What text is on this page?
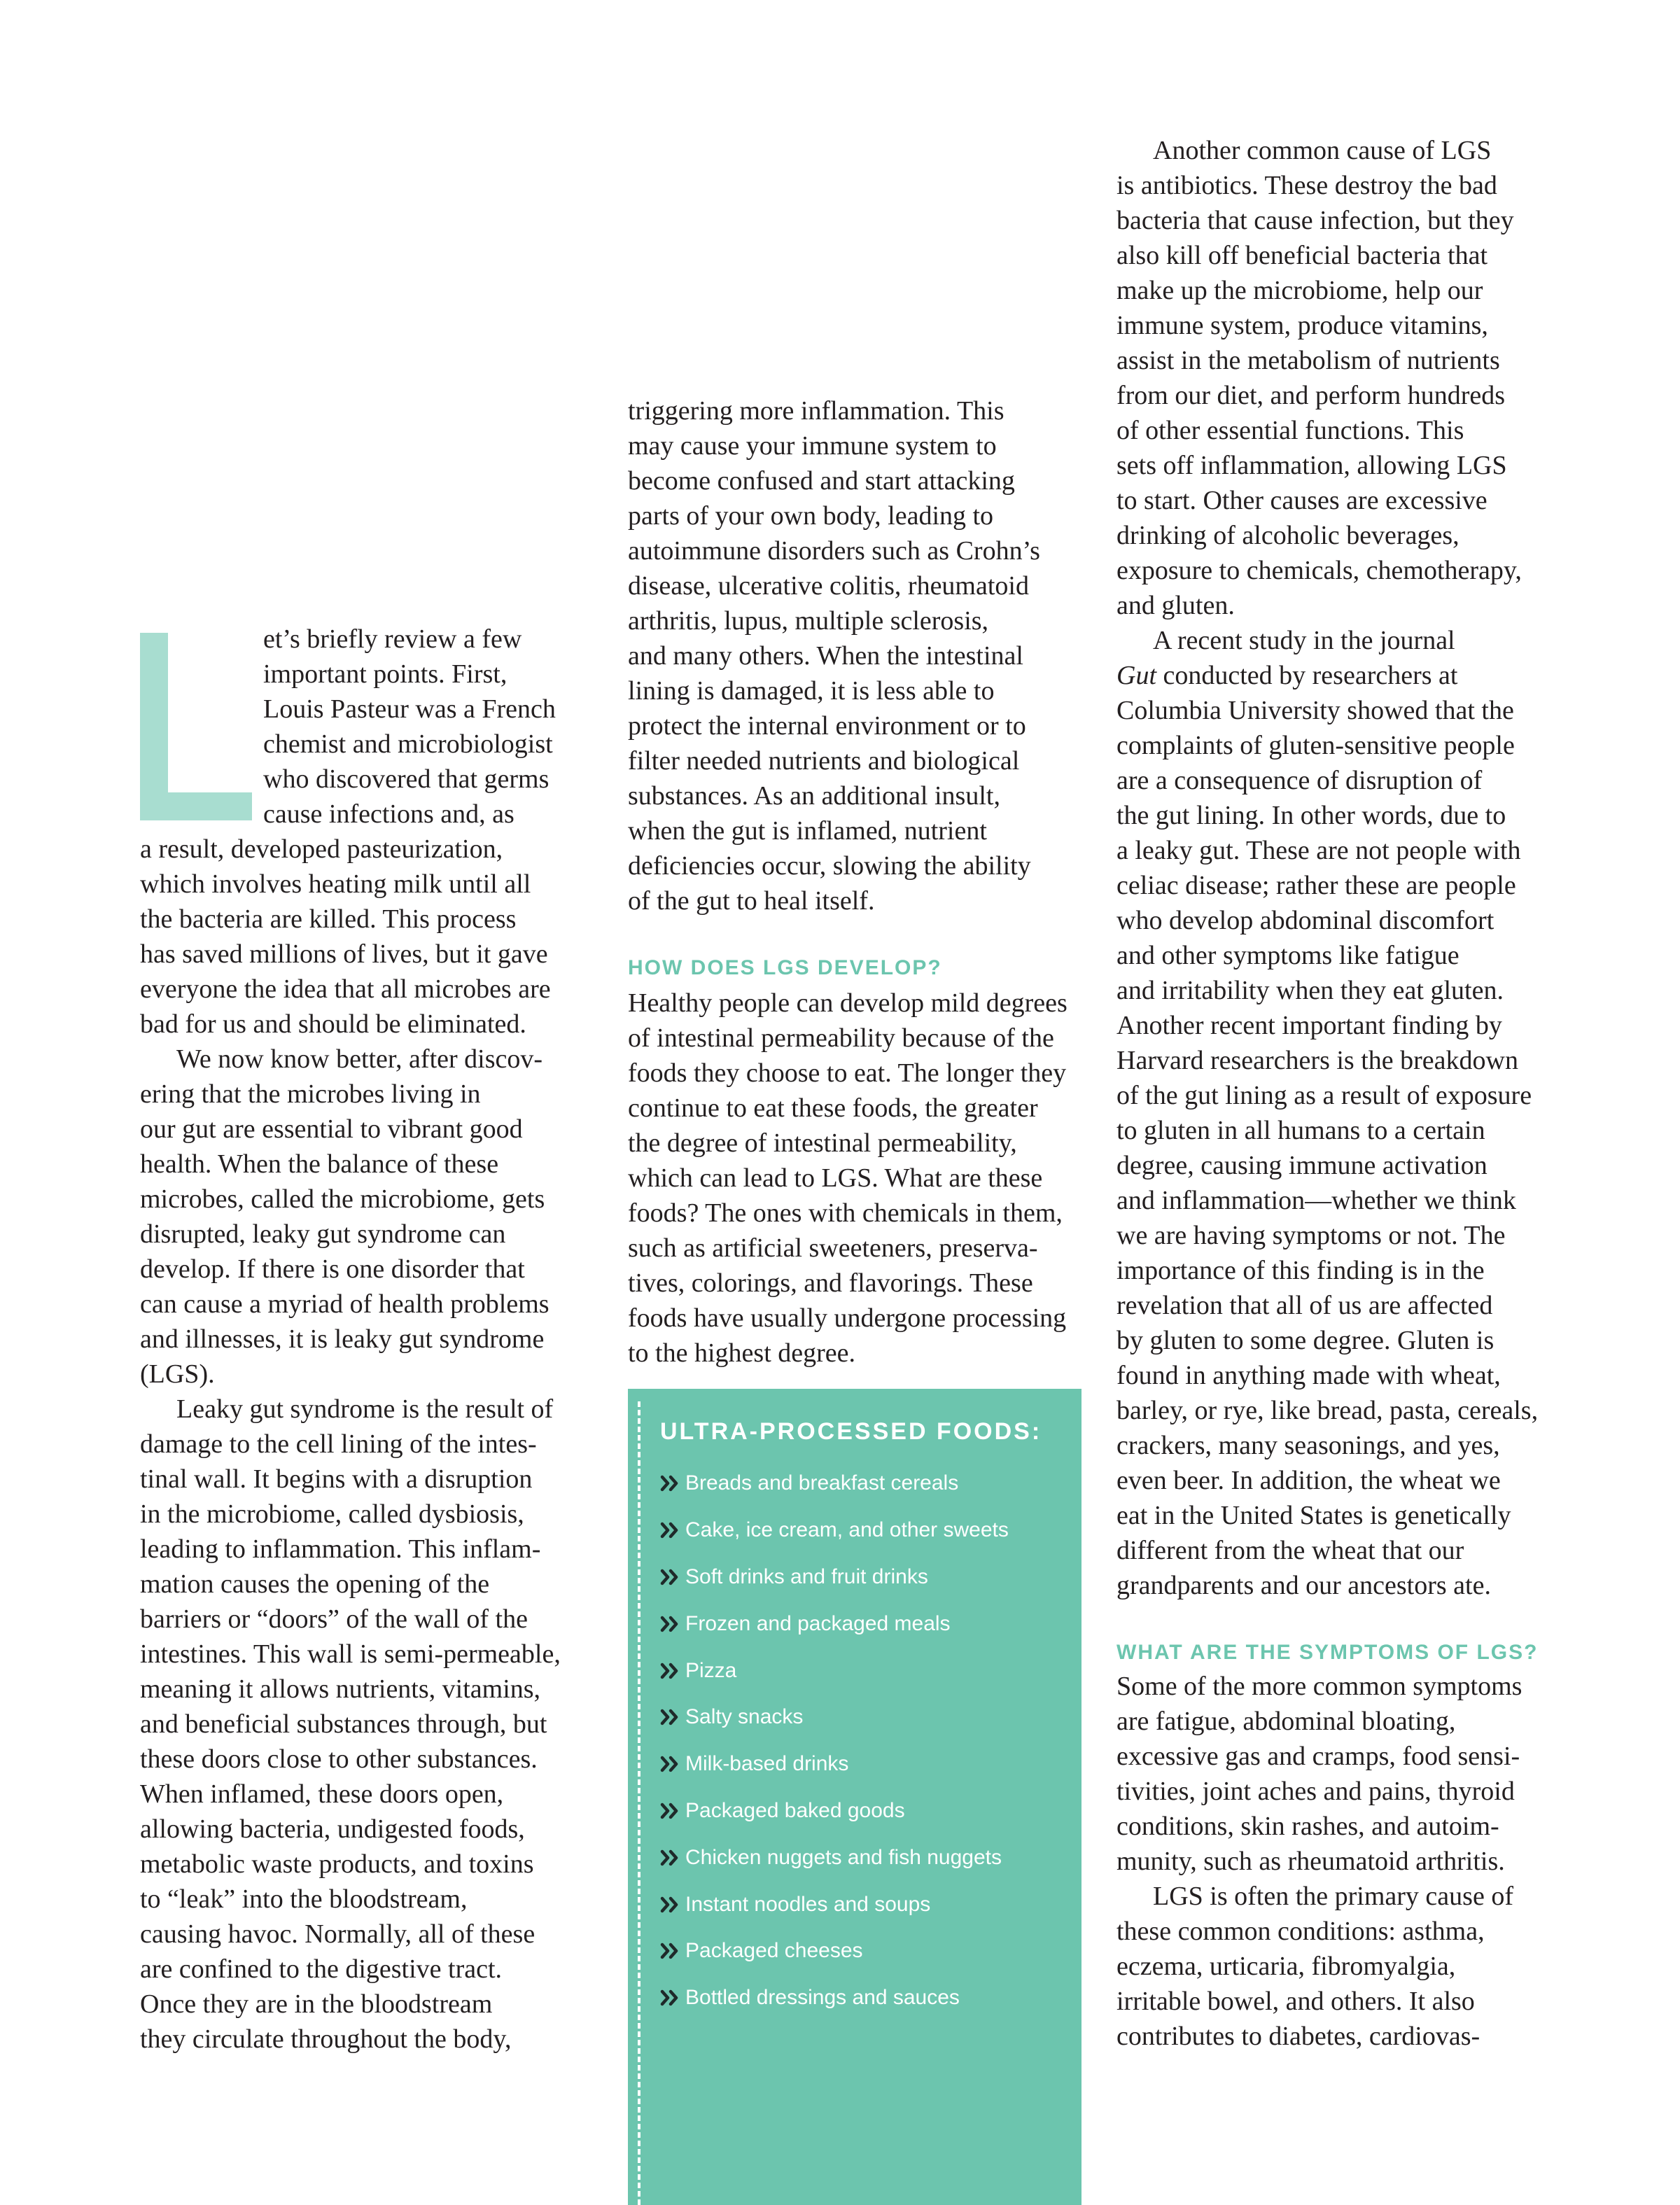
et’s briefly review a few
important points. First,
Louis Pasteur was a French
chemist and microbiologist
who discovered that germs
cause infections and, as
a result, developed pasteurization,
which involves heating milk until all
the bacteria are killed. This process
has saved millions of lives, but it gave
everyone the idea that all microbes are
bad for us and should be eliminated.
We now know better, after discov-
ering that the microbes living in
our gut are essential to vibrant good
health. When the balance of these
microbes, called the microbiome, gets
disrupted, leaky gut syndrome can
develop. If there is one disorder that
can cause a myriad of health problems
and illnesses, it is leaky gut syndrome
(LGS).
Leaky gut syndrome is the result of
damage to the cell lining of the intes-
tinal wall. It begins with a disruption
in the microbiome, called dysbiosis,
leading to inflammation. This inflam-
mation causes the opening of the
barriers or “doors” of the wall of the
intestines. This wall is semi-permeable,
meaning it allows nutrients, vitamins,
and beneficial substances through, but
these doors close to other substances.
When inflamed, these doors open,
allowing bacteria, undigested foods,
metabolic waste products, and toxins
to “leak” into the bloodstream,
causing havoc. Normally, all of these
are confined to the digestive tract.
Once they are in the bloodstream
they circulate throughout the body,
triggering more inflammation. This
may cause your immune system to
become confused and start attacking
parts of your own body, leading to
autoimmune disorders such as Crohn’s
disease, ulcerative colitis, rheumatoid
arthritis, lupus, multiple sclerosis,
and many others. When the intestinal
lining is damaged, it is less able to
protect the internal environment or to
filter needed nutrients and biological
substances. As an additional insult,
when the gut is inflamed, nutrient
deficiencies occur, slowing the ability
of the gut to heal itself.
HOW DOES LGS DEVELOP?
Healthy people can develop mild degrees
of intestinal permeability because of the
foods they choose to eat. The longer they
continue to eat these foods, the greater
the degree of intestinal permeability,
which can lead to LGS. What are these
foods? The ones with chemicals in them,
such as artificial sweeteners, preserva-
tives, colorings, and flavorings. These
foods have usually undergone processing
to the highest degree.
ULTRA-PROCESSED FOODS:
Breads and breakfast cereals
Cake, ice cream, and other sweets
Soft drinks and fruit drinks
Frozen and packaged meals
Pizza
Salty snacks
Milk-based drinks
Packaged baked goods
Chicken nuggets and fish nuggets
Instant noodles and soups
Packaged cheeses
Bottled dressings and sauces
Another common cause of LGS
is antibiotics. These destroy the bad
bacteria that cause infection, but they
also kill off beneficial bacteria that
make up the microbiome, help our
immune system, produce vitamins,
assist in the metabolism of nutrients
from our diet, and perform hundreds
of other essential functions. This
sets off inflammation, allowing LGS
to start. Other causes are excessive
drinking of alcoholic beverages,
exposure to chemicals, chemotherapy,
and gluten.
A recent study in the journal
Gut conducted by researchers at
Columbia University showed that the
complaints of gluten-sensitive people
are a consequence of disruption of
the gut lining. In other words, due to
a leaky gut. These are not people with
celiac disease; rather these are people
who develop abdominal discomfort
and other symptoms like fatigue
and irritability when they eat gluten.
Another recent important finding by
Harvard researchers is the breakdown
of the gut lining as a result of exposure
to gluten in all humans to a certain
degree, causing immune activation
and inflammation—whether we think
we are having symptoms or not. The
importance of this finding is in the
revelation that all of us are affected
by gluten to some degree. Gluten is
found in anything made with wheat,
barley, or rye, like bread, pasta, cereals,
crackers, many seasonings, and yes,
even beer. In addition, the wheat we
eat in the United States is genetically
different from the wheat that our
grandparents and our ancestors ate.
WHAT ARE THE SYMPTOMS OF LGS?
Some of the more common symptoms
are fatigue, abdominal bloating,
excessive gas and cramps, food sensi-
tivities, joint aches and pains, thyroid
conditions, skin rashes, and autoim-
munity, such as rheumatoid arthritis.
LGS is often the primary cause of
these common conditions: asthma,
eczema, urticaria, fibromyalgia,
irritable bowel, and others. It also
contributes to diabetes, cardiovas-
